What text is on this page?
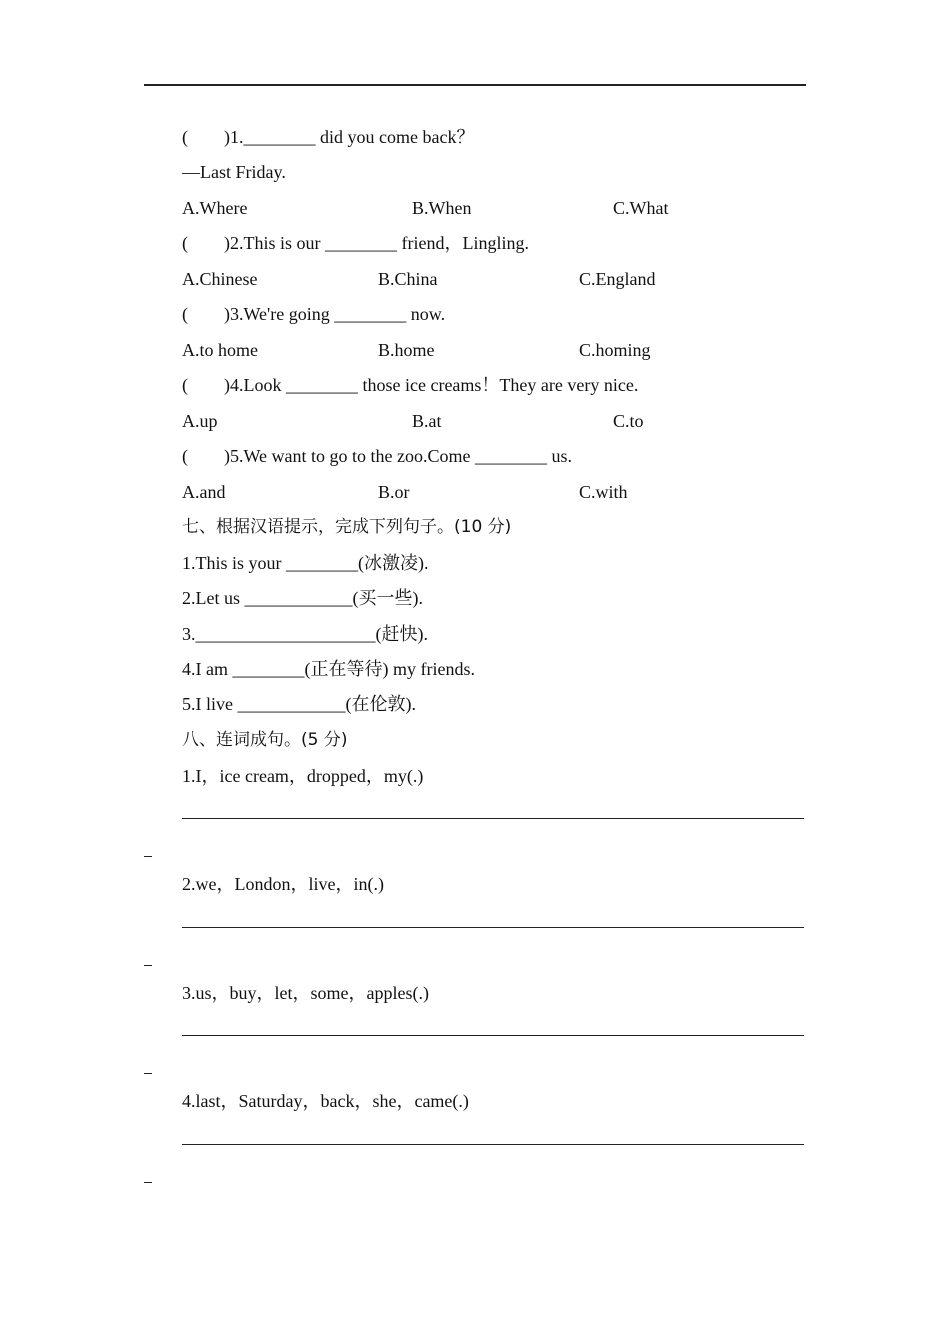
(        )1.________ did you come back？
—Last Friday.
A.Where	B.When	C.What
(        )2.This is our ________ friend，Lingling.
A.Chinese	B.China	C.England
(        )3.We're going ________ now.
A.to home	B.home	C.homing
(        )4.Look ________ those ice creams！They are very nice.
A.up	B.at	C.to
(        )5.We want to go to the zoo.Come ________ us.
A.and	B.or	C.with
七、根据汉语提示，完成下列句子。(10 分)
1.This is your ________(冰激凌).
2.Let us ____________(买一些).
3.____________________(赶快).
4.I am ________(正在等待) my friends.
5.I live ____________(在伦敦).
八、连词成句。(5 分)
1.I，ice cream，dropped，my(.)
2.we，London，live，in(.)
3.us，buy，let，some，apples(.)
4.last，Saturday，back，she，came(.)
